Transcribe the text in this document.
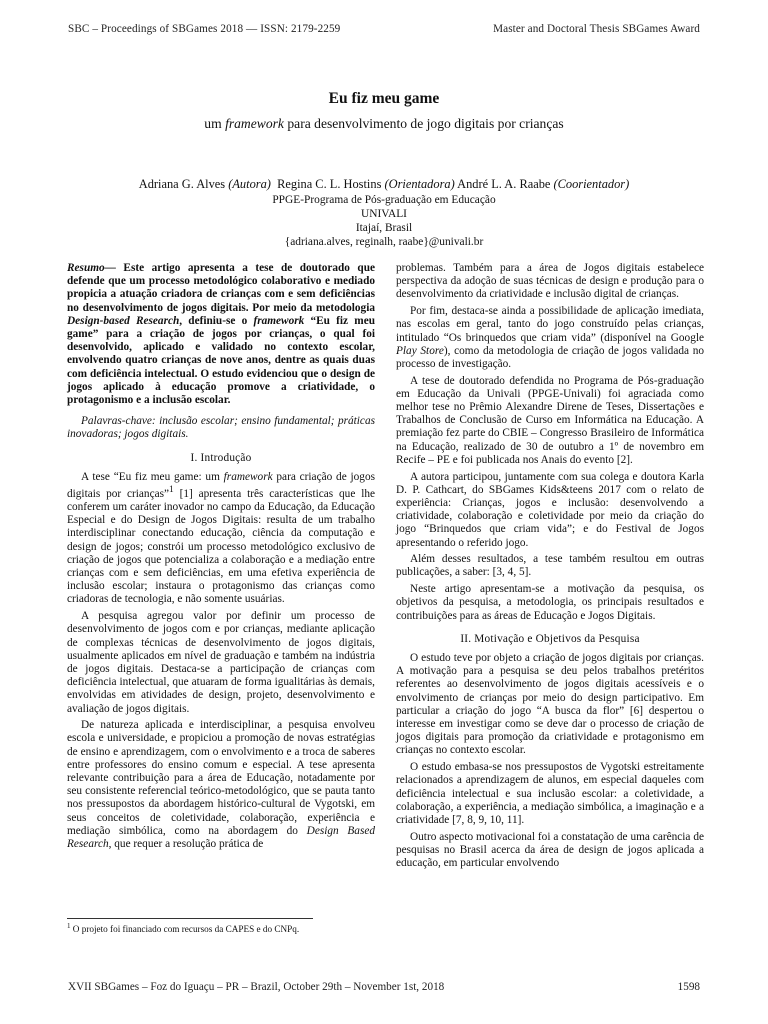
SBC – Proceedings of SBGames 2018 — ISSN: 2179-2259	Master and Doctoral Thesis SBGames Award
Eu fiz meu game
um framework para desenvolvimento de jogo digitais por crianças
Adriana G. Alves (Autora) Regina C. L. Hostins (Orientadora) André L. A. Raabe (Coorientador)
PPGE-Programa de Pós-graduação em Educação
UNIVALI
Itajaí, Brasil
{adriana.alves, reginalh, raabe}@univali.br

Resumo— Este artigo apresenta a tese de doutorado que defende que um processo metodológico colaborativo e mediado propicia a atuação criadora de crianças com e sem deficiências no desenvolvimento de jogos digitais. Por meio da metodologia Design-based Research, definiu-se o framework “Eu fiz meu game” para a criação de jogos por crianças, o qual foi desenvolvido, aplicado e validado no contexto escolar, envolvendo quatro crianças de nove anos, dentre as quais duas com deficiência intelectual. O estudo evidenciou que o design de jogos aplicado à educação promove a criatividade, o protagonismo e a inclusão escolar.

Palavras-chave: inclusão escolar; ensino fundamental; práticas inovadoras; jogos digitais.

I. Introdução

A tese “Eu fiz meu game: um framework para criação de jogos digitais por crianças”$^1$ [1] apresenta três características que lhe conferem um caráter inovador no campo da Educação, da Educação Especial e do Design de Jogos Digitais: resulta de um trabalho interdisciplinar conectando educação, ciência da computação e design de jogos; constrói um processo metodológico exclusivo de criação de jogos que potencializa a colaboração e a mediação entre crianças com e sem deficiências, em uma efetiva experiência de inclusão escolar; instaura o protagonismo das crianças como criadoras de tecnologia, e não somente usuárias.

A pesquisa agregou valor por definir um processo de desenvolvimento de jogos com e por crianças, mediante aplicação de complexas técnicas de desenvolvimento de jogos digitais, usualmente aplicados em nível de graduação e também na indústria de jogos digitais. Destaca-se a participação de crianças com deficiência intelectual, que atuaram de forma igualitárias às demais, envolvidas em atividades de design, projeto, desenvolvimento e avaliação de jogos digitais.

De natureza aplicada e interdisciplinar, a pesquisa envolveu escola e universidade, e propiciou a promoção de novas estratégias de ensino e aprendizagem, com o envolvimento e a troca de saberes entre professores do ensino comum e especial. A tese apresenta relevante contribuição para a área de Educação, notadamente por seu consistente referencial teórico-metodológico, que se pauta tanto nos pressupostos da abordagem histórico-cultural de Vygotski, em seus conceitos de coletividade, colaboração, experiência e mediação simbólica, como na abordagem do Design Based Research, que requer a resolução prática de

problemas. Também para a área de Jogos digitais estabelece perspectiva da adoção de suas técnicas de design e produção para o desenvolvimento da criatividade e inclusão digital de crianças.

Por fim, destaca-se ainda a possibilidade de aplicação imediata, nas escolas em geral, tanto do jogo construído pelas crianças, intitulado “Os brinquedos que criam vida” (disponível na Google Play Store), como da metodologia de criação de jogos validada no processo de investigação.

A tese de doutorado defendida no Programa de Pós-graduação em Educação da Univali (PPGE-Univali) foi agraciada como melhor tese no Prêmio Alexandre Direne de Teses, Dissertações e Trabalhos de Conclusão de Curso em Informática na Educação. A premiação fez parte do CBIE – Congresso Brasileiro de Informática na Educação, realizado de 30 de outubro a 1º de novembro em Recife – PE e foi publicada nos Anais do evento [2].

A autora participou, juntamente com sua colega e doutora Karla D. P. Cathcart, do SBGames Kids&teens 2017 com o relato de experiência: Crianças, jogos e inclusão: desenvolvendo a criatividade, colaboração e coletividade por meio da criação do jogo “Brinquedos que criam vida”; e do Festival de Jogos apresentando o referido jogo.

Além desses resultados, a tese também resultou em outras publicações, a saber: [3, 4, 5].

Neste artigo apresentam-se a motivação da pesquisa, os objetivos da pesquisa, a metodologia, os principais resultados e contribuições para as áreas de Educação e Jogos Digitais.

II. Motivação e Objetivos da Pesquisa

O estudo teve por objeto a criação de jogos digitais por crianças. A motivação para a pesquisa se deu pelos trabalhos pretéritos referentes ao desenvolvimento de jogos digitais acessíveis e o envolvimento de crianças por meio do design participativo. Em particular a criação do jogo “A busca da flor” [6] despertou o interesse em investigar como se deve dar o processo de criação de jogos digitais para promoção da criatividade e protagonismo em crianças no contexto escolar.

O estudo embasa-se nos pressupostos de Vygotski estreitamente relacionados a aprendizagem de alunos, em especial daqueles com deficiência intelectual e sua inclusão escolar: a coletividade, a colaboração, a experiência, a mediação simbólica, a imaginação e a criatividade [7, 8, 9, 10, 11].

Outro aspecto motivacional foi a constatação de uma carência de pesquisas no Brasil acerca da área de design de jogos aplicada a educação, em particular envolvendo

$^1$ O projeto foi financiado com recursos da CAPES e do CNPq.
XVII SBGames – Foz do Iguaçu – PR – Brazil, October 29th – November 1st, 2018	1598
